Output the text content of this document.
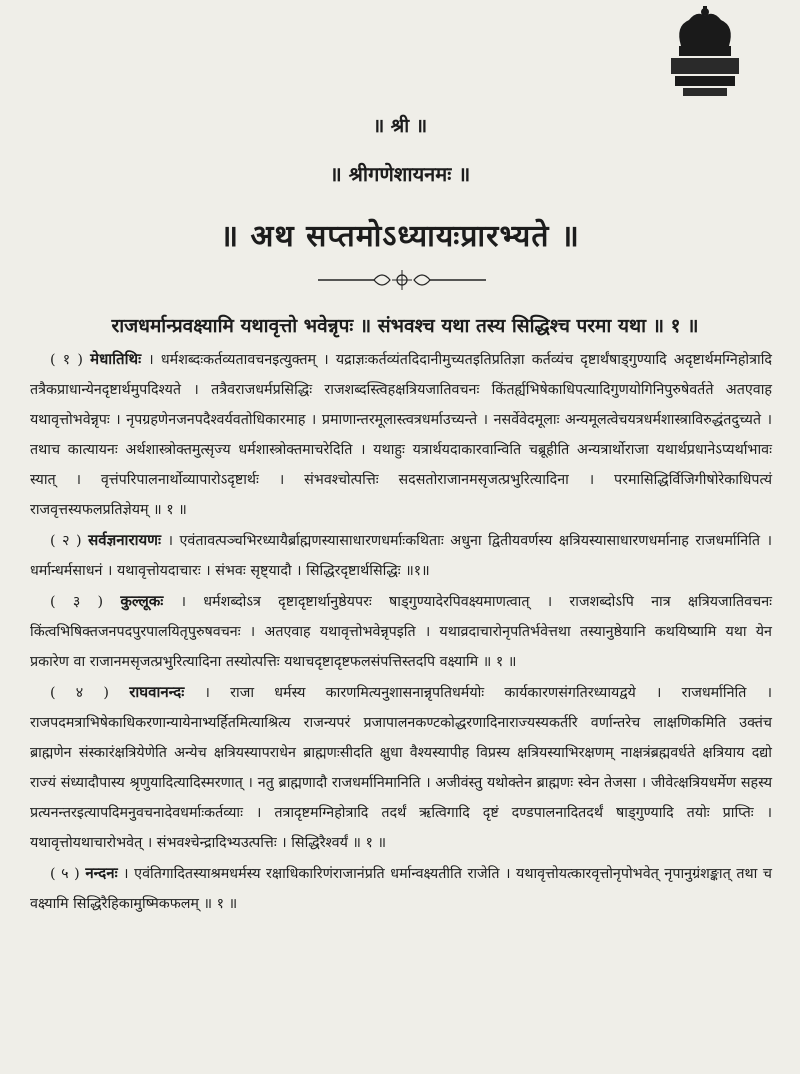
॥ श्री ॥
॥ श्रीगणेशायनमः ॥
॥ अथ सप्तमोऽध्यायःप्रारभ्यते ॥
राजधर्मान्प्रवक्ष्यामि यथावृत्तो भवेन्नृपः ॥ संभवश्च यथा तस्य सिद्धिश्च परमा यथा ॥ १ ॥

( १ ) मेधातिथिः । धर्मशब्दःकर्तव्यतावचनइत्युक्तम् । यद्राज्ञःकर्तव्यंतदिदानीमुच्यतइतिप्रतिज्ञा कर्तव्यंच दृष्टार्थंषाड्गुण्यादि अदृष्टार्थमग्निहोत्रादि तत्रैकप्राधान्येनदृष्टार्थमुपदिश्यते । तत्रैवराजधर्मप्रसिद्धिः राजशब्दस्त्विहक्षत्रियजातिवचनः किंतर्ह्यभिषेकाधिपत्यादिगुणयोगिनिपुरुषेवर्तते अतएवाह यथावृत्तोभवेन्नृपः । नृपग्रहणेनजनपदैश्वर्यवतोधिकारमाह । प्रमाणान्तरमूलास्त्वत्रधर्माउच्यन्ते । नसर्वेवेदमूलाः अन्यमूलत्वेचयत्रधर्मशास्त्राविरुद्धंतदुच्यते । तथाच कात्यायनः अर्थशास्त्रोक्तमुत्सृज्य धर्मशास्त्रोक्तमाचरेदिति । यथाहुः यत्रार्थयदाकारवान्विति चब्रूहीति अन्यत्रार्थोराजा यथार्थप्रधानेऽप्यर्थाभावः स्यात् । वृत्तंपरिपालनार्थोव्यापारोऽदृष्टार्थः । संभवश्चोत्पत्तिः सदसतोराजानमसृजत्प्रभुरित्यादिना । परमासिद्धिर्विजिगीषोरेकाधिपत्यं राजवृत्तस्यफलप्रतिज्ञेयम् ॥ १ ॥

( २ ) सर्वज्ञनारायणः । एवंतावत्पञ्चभिरध्यायैर्ब्राह्मणस्यासाधारणधर्माःकथिताः अधुना द्वितीयवर्णस्य क्षत्रियस्यासाधारणधर्मानाह राजधर्मानिति । धर्मान्धर्मसाधनं । यथावृत्तोयदाचारः । संभवः सृष्ट्यादौ । सिद्धिरदृष्टार्थसिद्धिः ॥१॥

( ३ ) कुल्लूकः । धर्मशब्दोऽत्र दृष्टादृष्टार्थानुष्ठेयपरः षाड्गुण्यादेरपिवक्ष्यमाणत्वात् । राजशब्दोऽपि नात्र क्षत्रियजातिवचनः किंत्वभिषिक्तजनपदपुरपालयितृपुरुषवचनः । अतएवाह यथावृत्तोभवेन्नृपइति । यथाव्रदाचारोनृपतिर्भवेत्तथा तस्यानुष्ठेयानि कथयिष्यामि यथा येन प्रकारेण वा राजानमसृजत्प्रभुरित्यादिना तस्योत्पत्तिः यथाचदृष्टादृष्टफलसंपत्तिस्तदपि वक्ष्यामि ॥ १ ॥

( ४ ) राघवानन्दः । राजा धर्मस्य कारणमित्यनुशासनान्नृपतिधर्मयोः कार्यकारणसंगतिरध्यायद्वये । राजधर्मानिति । राजपदमत्राभिषेकाधिकरणान्यायेनाभ्यर्हितमित्याश्रित्य राजन्यपरं प्रजापालनकण्टकोद्धरणादिनाराज्यस्यकर्तरि वर्णान्तरेच लाक्षणिकमिति उक्तंच ब्राह्मणेन संस्कारंक्षत्रियेणेति अन्येच क्षत्रियस्यापराधेन ब्राह्मणःसीदति क्षुधा वैश्यस्यापीह विप्रस्य क्षत्रियस्याभिरक्षणम् नाक्षत्रंब्रह्मवर्धते क्षत्रियाय दद्यो राज्यं संध्यादौपास्य श्रृणुयादित्यादिस्मरणात् । नतु ब्राह्मणादौ राजधर्मानिमानिति । अजीवंस्तु यथोक्तेन ब्राह्मणः स्वेन तेजसा । जीवेत्क्षत्रियधर्मेण सहस्य प्रत्यनन्तरइत्यापदिमनुवचनादेवधर्माःकर्तव्याः । तत्रादृष्टमग्निहोत्रादि तदर्थं ऋत्विगादि दृष्टं दण्डपालनादितदर्थं षाड्गुण्यादि तयोः प्राप्तिः । यथावृत्तोयथाचारोभवेत् । संभवश्चेन्द्रादिभ्यउत्पत्तिः । सिद्धिरैश्वर्यं ॥ १ ॥

( ५ ) नन्दनः । एवंतिगादितस्याश्रमधर्मस्य रक्षाधिकारिणंराजानंप्रति धर्मान्वक्ष्यतीति राजेति । यथावृत्तोयत्कारवृत्तोनृपोभवेत् नृपानुग्रंशङ्कात् तथा च वक्ष्यामि सिद्धिरैहिकामुष्मिकफलम् ॥ १ ॥
